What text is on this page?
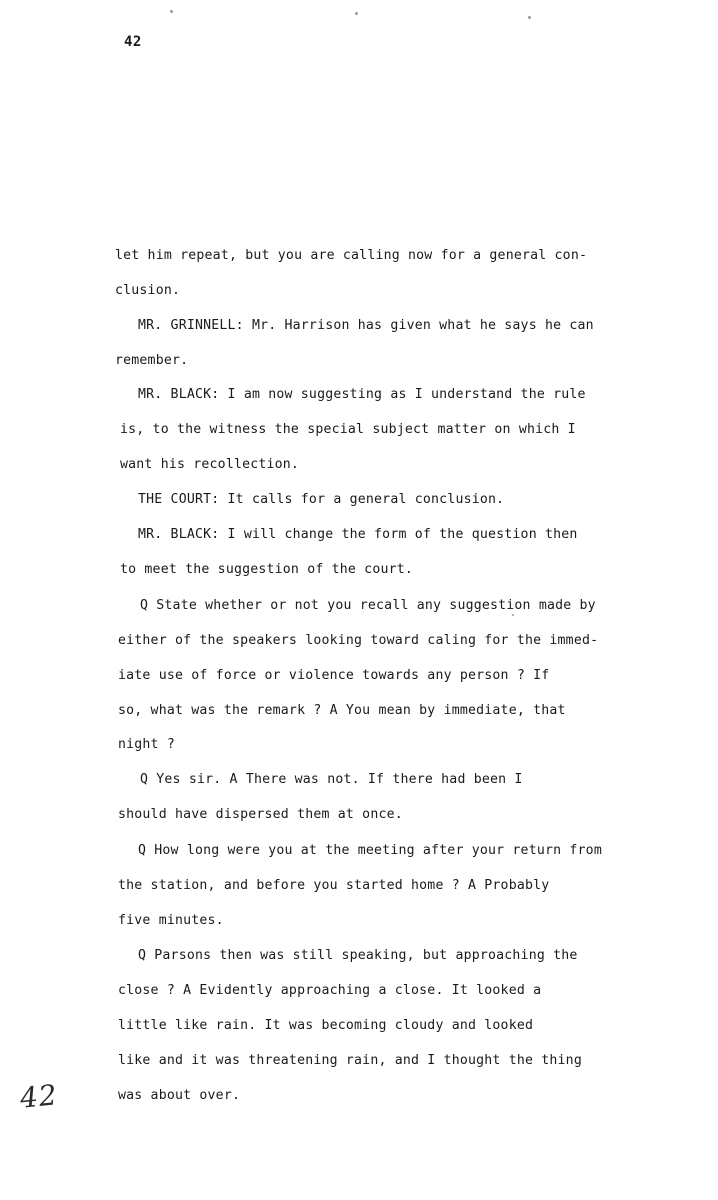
42
let him repeat, but you are calling now for a general con-
clusion.
MR. GRINNELL: Mr. Harrison has given what he says he can
remember.
MR. BLACK: I am now suggesting as I understand the rule
is, to the witness the special subject matter on which I
want his recollection.
THE COURT: It calls for a general conclusion.
MR. BLACK: I will change the form of the question then
to meet the suggestion of the court.
Q State whether or not you recall any suggestion made by
either of the speakers looking toward caling for the immed-
iate use of force or violence towards any person ? If
so, what was the remark ? A You mean by immediate, that
night ?
Q Yes sir. A There was not. If there had been I
should have dispersed them at once.
Q How long were you at the meeting after your return from
the station, and before you started home ? A Probably
five minutes.
Q Parsons then was still speaking, but approaching the
close ? A Evidently approaching a close. It looked a
little like rain. It was becoming cloudy and looked
like and it was threatening rain, and I thought the thing
was about over.
42
